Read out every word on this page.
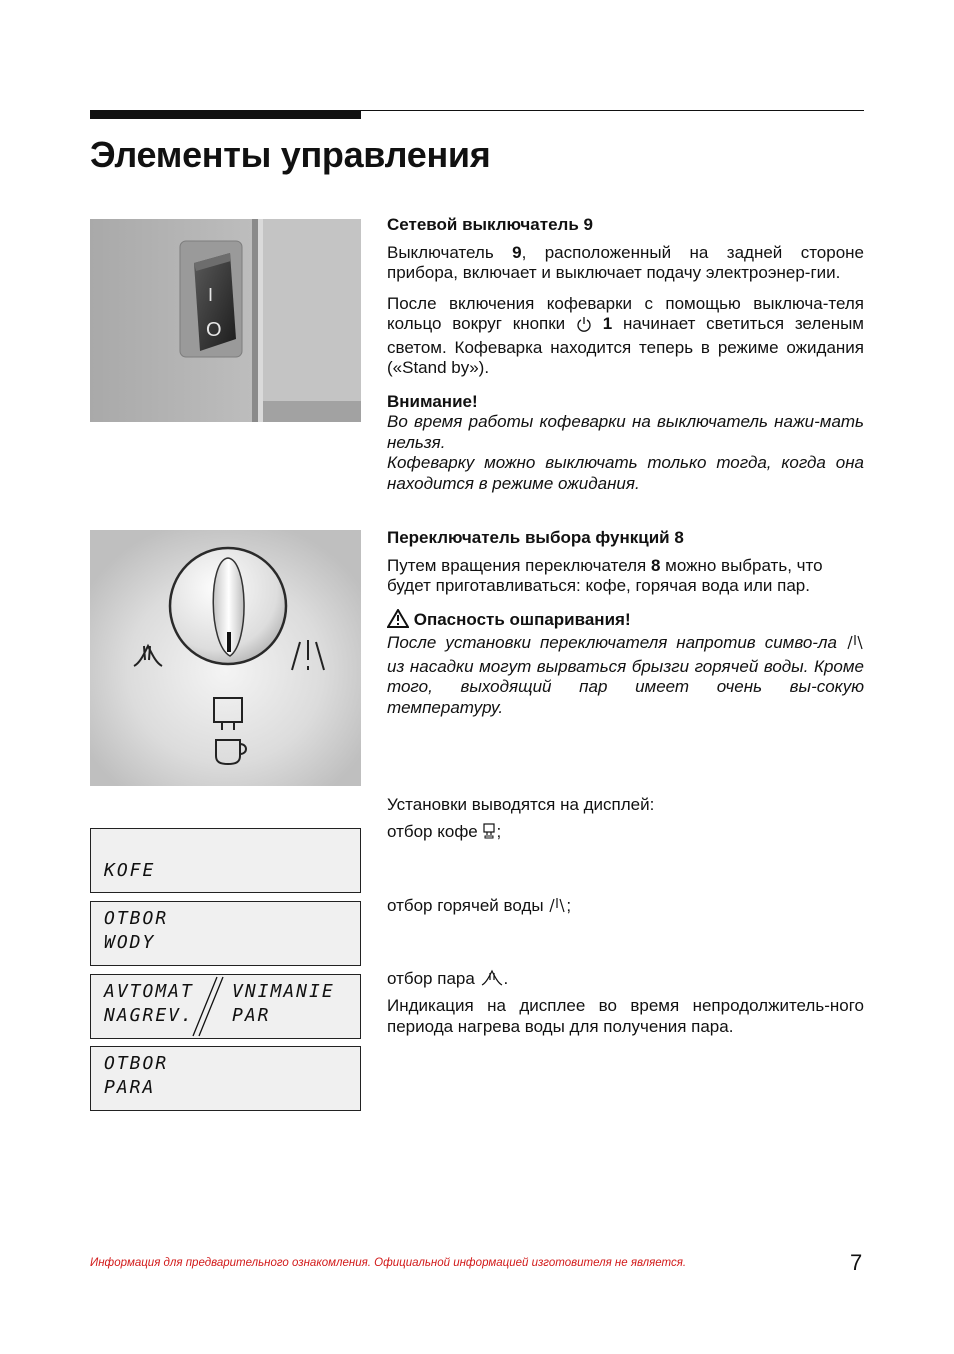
Элементы управления
I
O

Сетевой выключатель 9

Выключатель 9, расположенный на задней стороне прибора, включает и выключает подачу электроэнер-гии.

После включения кофеварки с помощью выключа-теля кольцо вокруг кнопки  1 начинает светиться зеленым светом. Кофеварка находится теперь в режиме ожидания («Stand by»).

Внимание!

Во время работы кофеварки на выключатель нажи-мать нельзя.

Кофеварку можно выключать только тогда, когда она находится в режиме ожидания.

Переключатель выбора функций 8

Путем вращения переключателя 8 можно выбрать, что будет приготавливаться: кофе, горячая вода или пар.

Опасность ошпаривания!

После установки переключателя напротив симво-ла  из насадки могут вырваться брызги горячей воды. Кроме того, выходящий пар имеет очень вы-сокую температуру.

Установки выводятся на дисплей:

отбор кофе ;

отбор горячей воды ;

отбор пара .

Индикация на дисплее во время непродолжитель-ного периода нагрева воды для получения пара.

KOFE
OTBOR
WODY
AVTOMAT
NAGREV.
VNIMANIE
PAR
OTBOR
PARA
Информация для предварительного ознакомления. Официальной информацией изготовителя не является.	7
